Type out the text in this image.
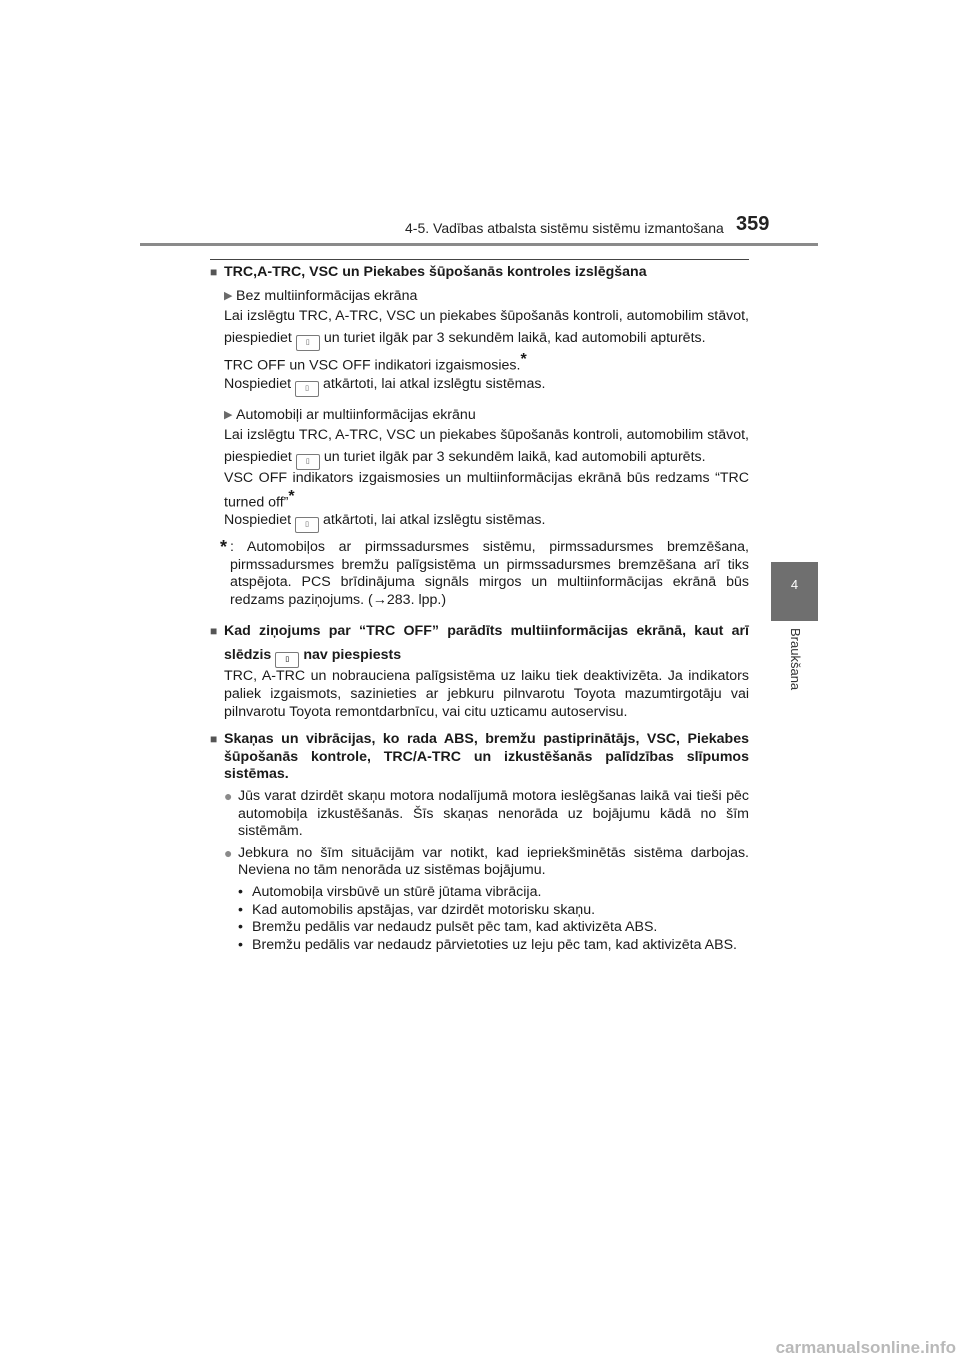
4-5. Vadības atbalsta sistēmu sistēmu izmantošana 359
4
Braukšana
■ TRC,A-TRC, VSC un Piekabes šūpošanās kontroles izslēgšana
▶ Bez multiinformācijas ekrāna

Lai izslēgtu TRC, A-TRC, VSC un piekabes šūpošanās kontroli, automobilim stāvot, piespiediet ▯ un turiet ilgāk par 3 sekundēm laikā, kad automobili apturēts.

TRC OFF un VSC OFF indikatori izgaismosies.*

Nospiediet ▯ atkārtoti, lai atkal izslēgtu sistēmas.

▶ Automobiļi ar multiinformācijas ekrānu

Lai izslēgtu TRC, A-TRC, VSC un piekabes šūpošanās kontroli, automobilim stāvot, piespiediet ▯ un turiet ilgāk par 3 sekundēm laikā, kad automobili apturēts.

VSC OFF indikators izgaismosies un multiinformācijas ekrānā būs redzams “TRC turned off”*

Nospiediet ▯ atkārtoti, lai atkal izslēgtu sistēmas.

* : Automobiļos ar pirmssadursmes sistēmu, pirmssadursmes bremzēšana, pirmssadursmes bremžu palīgsistēma un pirmssadursmes bremzēšana arī tiks atspējota. PCS brīdinājuma signāls mirgos un multiinformācijas ekrānā būs redzams paziņojums. (→283. lpp.)
■ Kad ziņojums par “TRC OFF” parādīts multiinformācijas ekrānā, kaut arī slēdzis ▯ nav piespiests

TRC, A-TRC un nobrauciena palīgsistēma uz laiku tiek deaktivizēta. Ja indikators paliek izgaismots, sazinieties ar jebkuru pilnvarotu Toyota mazumtirgotāju vai pilnvarotu Toyota remontdarbnīcu, vai citu uzticamu autoservisu.

■ Skaņas un vibrācijas, ko rada ABS, bremžu pastiprinātājs, VSC, Piekabes šūpošanās kontrole, TRC/A-TRC un izkustēšanās palīdzības slīpumos sistēmas.
● Jūs varat dzirdēt skaņu motora nodalījumā motora ieslēgšanas laikā vai tieši pēc automobiļa izkustēšanās. Šīs skaņas nenorāda uz bojājumu kādā no šīm sistēmām.
● Jebkura no šīm situācijām var notikt, kad iepriekšminētās sistēma darbojas. Neviena no tām nenorāda uz sistēmas bojājumu.
• Automobiļa virsbūvē un stūrē jūtama vibrācija.
• Kad automobilis apstājas, var dzirdēt motorisku skaņu.
• Bremžu pedālis var nedaudz pulsēt pēc tam, kad aktivizēta ABS.
• Bremžu pedālis var nedaudz pārvietoties uz leju pēc tam, kad aktivizēta ABS.
carmanualsonline.info
